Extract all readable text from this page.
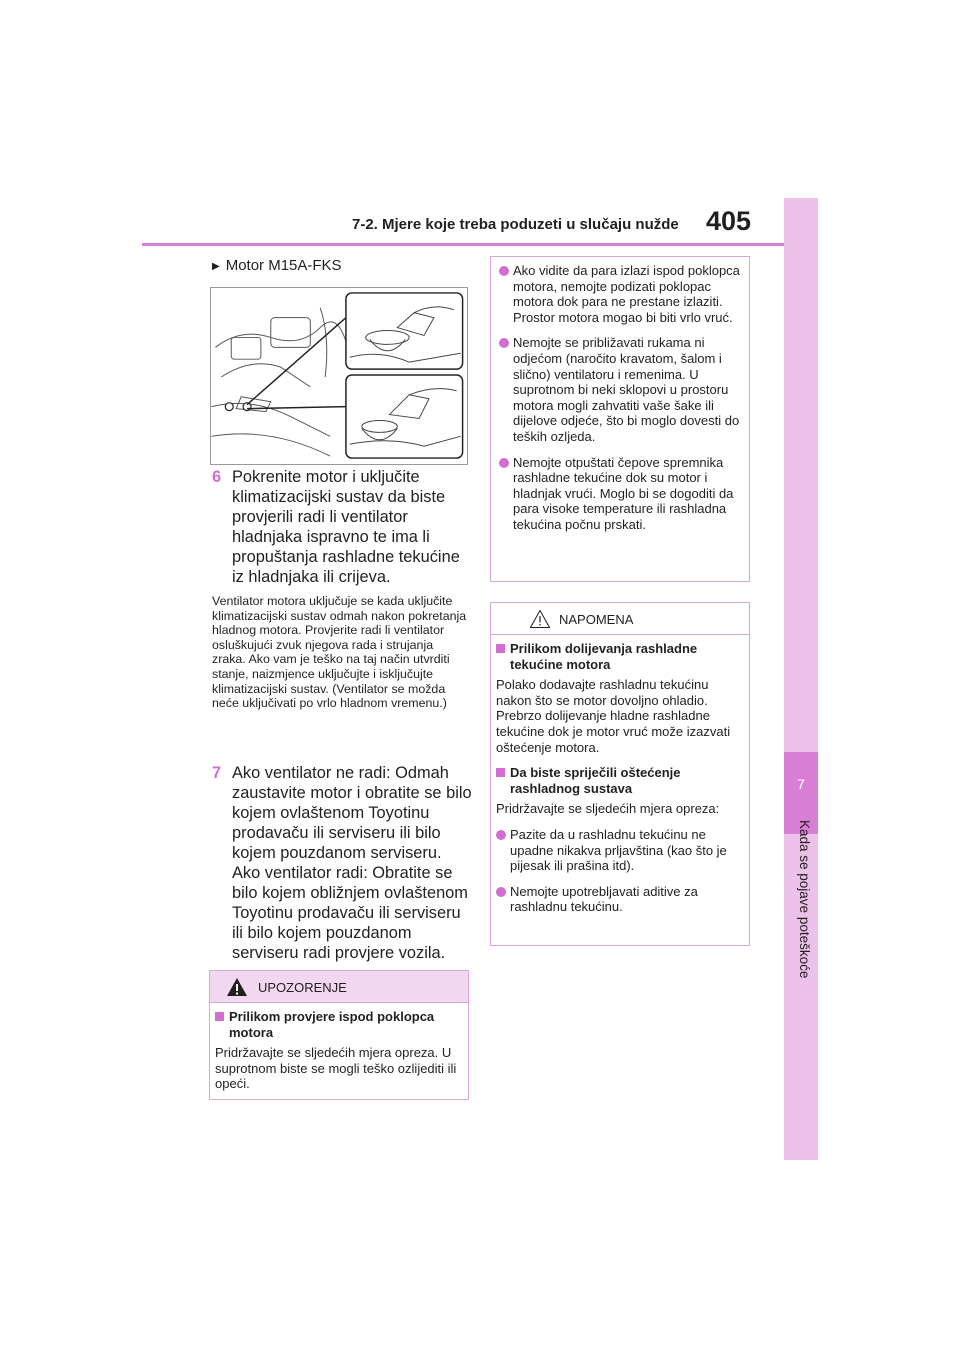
7-2. Mjere koje treba poduzeti u slučaju nužde 405
7
Kada se pojave poteškoće
▶ Motor M15A-FKS
6 Pokrenite motor i uključite klimatizacijski sustav da biste provjerili radi li ventilator hladnjaka ispravno te ima li propuštanja rashladne tekućine iz hladnjaka ili crijeva.
Ventilator motora uključuje se kada uključite klimatizacijski sustav odmah nakon pokretanja hladnog motora. Provjerite radi li ventilator osluškujući zvuk njegova rada i strujanja zraka. Ako vam je teško na taj način utvrditi stanje, naizmjence uključujte i isključujte klimatizacijski sustav. (Ventilator se možda neće uključivati po vrlo hladnom vremenu.)
7 Ako ventilator ne radi: Odmah zaustavite motor i obratite se bilo kojem ovlaštenom Toyotinu prodavaču ili serviseru ili bilo kojem pouzdanom serviseru. Ako ventilator radi: Obratite se bilo kojem obližnjem ovlaštenom Toyotinu prodavaču ili serviseru ili bilo kojem pouzdanom serviseru radi provjere vozila.
UPOZORENJE
Prilikom provjere ispod poklopca motora
Pridržavajte se sljedećih mjera opreza. U suprotnom biste se mogli teško ozlijediti ili opeći.
Ako vidite da para izlazi ispod poklopca motora, nemojte podizati poklopac motora dok para ne prestane izlaziti. Prostor motora mogao bi biti vrlo vruć.
Nemojte se približavati rukama ni odjećom (naročito kravatom, šalom i slično) ventilatoru i remenima. U suprotnom bi neki sklopovi u prostoru motora mogli zahvatiti vaše šake ili dijelove odjeće, što bi moglo dovesti do teških ozljeda.
Nemojte otpuštati čepove spremnika rashladne tekućine dok su motor i hladnjak vrući. Moglo bi se dogoditi da para visoke temperature ili rashladna tekućina počnu prskati.
NAPOMENA
Prilikom dolijevanja rashladne tekućine motora
Polako dodavajte rashladnu tekućinu nakon što se motor dovoljno ohladio. Prebrzo dolijevanje hladne rashladne tekućine dok je motor vruć može izazvati oštećenje motora.
Da biste spriječili oštećenje rashladnog sustava
Pridržavajte se sljedećih mjera opreza:
Pazite da u rashladnu tekućinu ne upadne nikakva prljavština (kao što je pijesak ili prašina itd).
Nemojte upotrebljavati aditive za rashladnu tekućinu.
